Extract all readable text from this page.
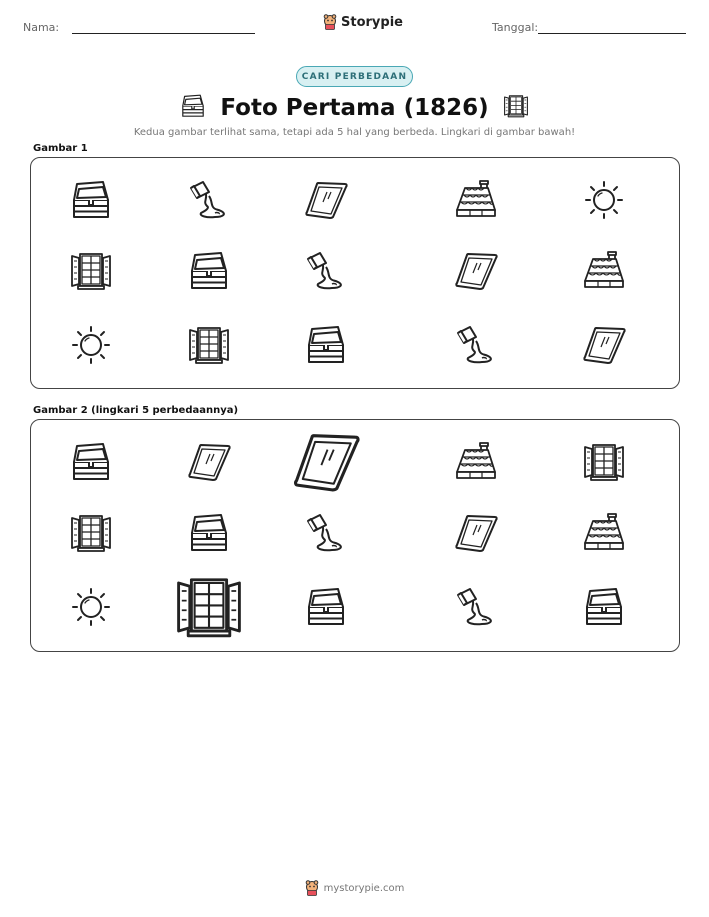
Nama:	Storypie	Tanggal:
CARI PERBEDAAN
Foto Pertama (1826)
Kedua gambar terlihat sama, tetapi ada 5 hal yang berbeda. Lingkari di gambar bawah!
Gambar 1
Gambar 2 (lingkari 5 perbedaannya)
mystorypie.com
